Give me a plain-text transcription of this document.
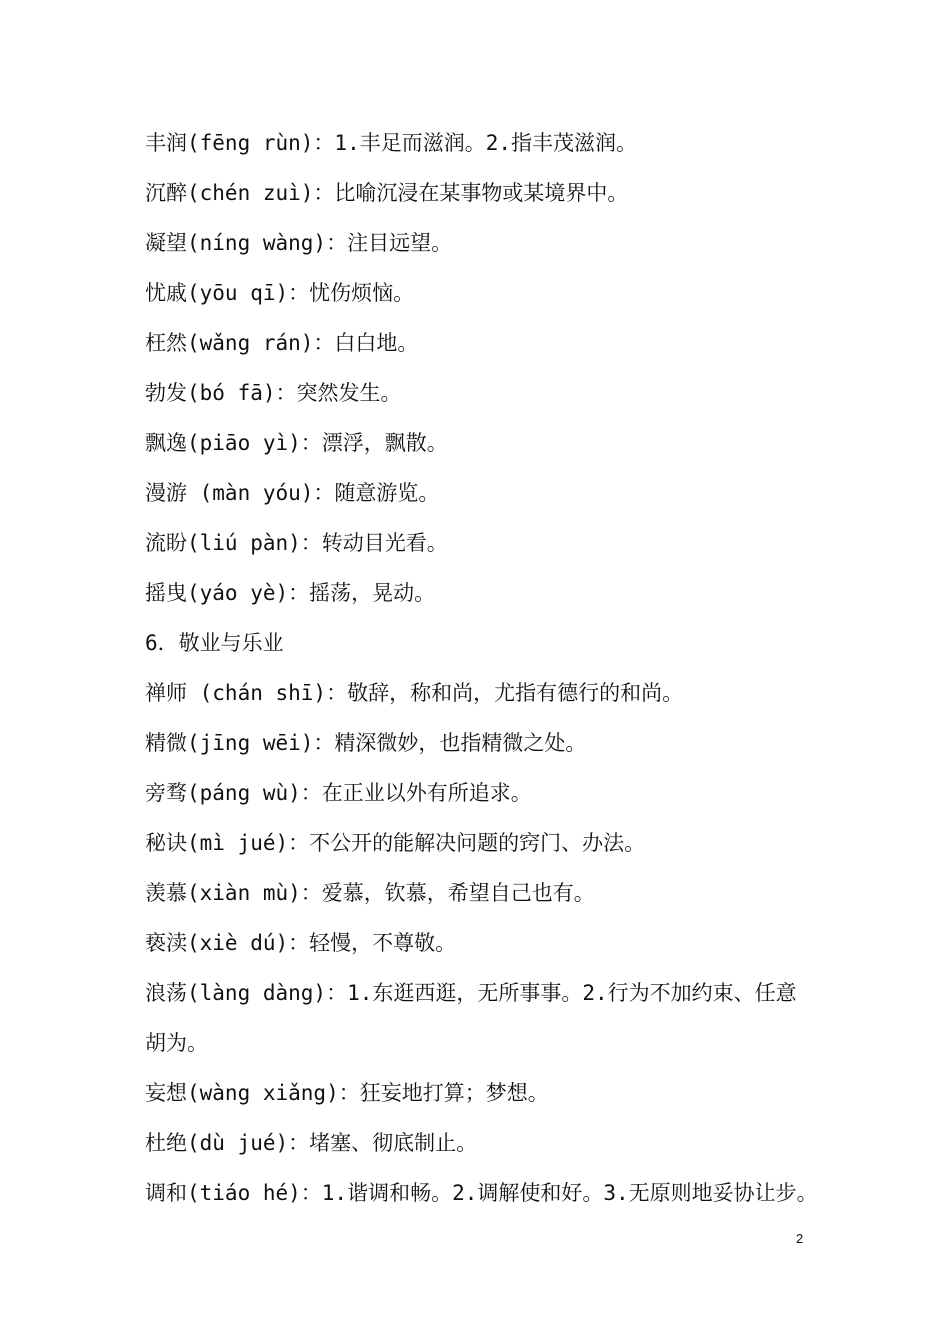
丰润(fēng rùn)：1.丰足而滋润。2.指丰茂滋润。
沉醉(chén zuì)：比喻沉浸在某事物或某境界中。
凝望(níng wàng)：注目远望。
忧戚(yōu qī)：忧伤烦恼。
枉然(wǎng rán)：白白地。
勃发(bó fā)：突然发生。
飘逸(piāo yì)：漂浮，飘散。
漫游 (màn yóu)：随意游览。
流盼(liú pàn)：转动目光看。
摇曳(yáo yè)：摇荡，晃动。
6．敬业与乐业
禅师 (chán shī)：敬辞，称和尚，尤指有德行的和尚。
精微(jīng wēi)：精深微妙，也指精微之处。
旁骛(páng wù)：在正业以外有所追求。
秘诀(mì jué)：不公开的能解决问题的窍门、办法。
羡慕(xiàn mù)：爱慕，钦慕，希望自己也有。
亵渎(xiè dú)：轻慢，不尊敬。
浪荡(làng dàng)：1.东逛西逛，无所事事。2.行为不加约束、任意
胡为。
妄想(wàng xiǎng)：狂妄地打算；梦想。
杜绝(dù jué)：堵塞、彻底制止。
调和(tiáo hé)：1.谐调和畅。2.调解使和好。3.无原则地妥协让步。
2
